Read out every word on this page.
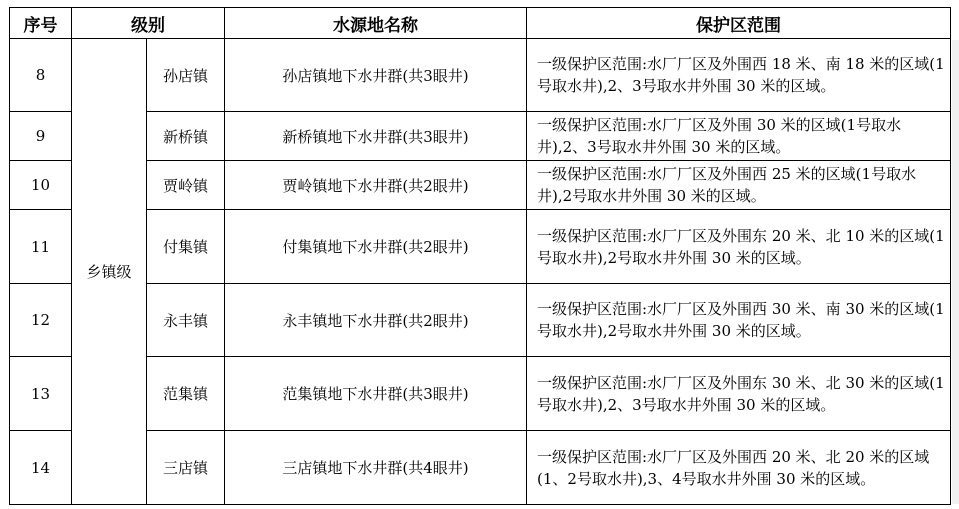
序号	级别		水源地名称	保护区范围
8	乡镇级	孙店镇	孙店镇地下水井群(共3眼井)	一级保护区范围:水厂厂区及外围西 18 米、南 18 米的区域(1号取水井),2、3号取水井外围 30 米的区域。
9		新桥镇	新桥镇地下水井群(共3眼井)	一级保护区范围:水厂厂区及外围 30 米的区域(1号取水井),2、3号取水井外围 30 米的区域。
10		贾岭镇	贾岭镇地下水井群(共2眼井)	一级保护区范围:水厂厂区及外围西 25 米的区域(1号取水井),2号取水井外围 30 米的区域。
11		付集镇	付集镇地下水井群(共2眼井)	一级保护区范围:水厂厂区及外围东 20 米、北 10 米的区域(1号取水井),2号取水井外围 30 米的区域。
12		永丰镇	永丰镇地下水井群(共2眼井)	一级保护区范围:水厂厂区及外围西 30 米、南 30 米的区域(1号取水井),2号取水井外围 30 米的区域。
13		范集镇	范集镇地下水井群(共3眼井)	一级保护区范围:水厂厂区及外围东 30 米、北 30 米的区域(1号取水井),2、3号取水井外围 30 米的区域。
14		三店镇	三店镇地下水井群(共4眼井)	一级保护区范围:水厂厂区及外围西 20 米、北 20 米的区域(1、2号取水井),3、4号取水井外围 30 米的区域。
